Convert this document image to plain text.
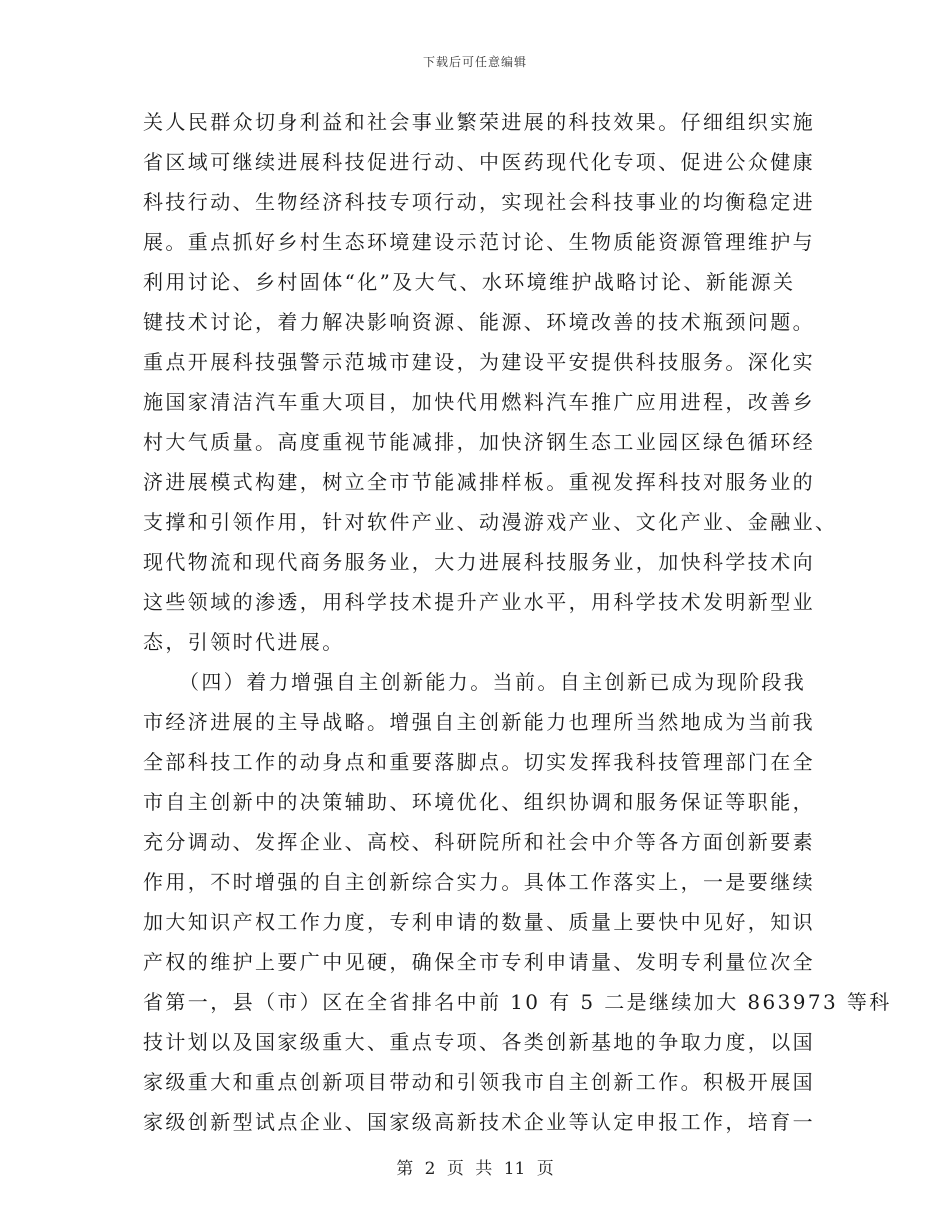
下载后可任意编辑
关人民群众切身利益和社会事业繁荣进展的科技效果。仔细组织实施
省区域可继续进展科技促进行动、中医药现代化专项、促进公众健康
科技行动、生物经济科技专项行动，实现社会科技事业的均衡稳定进
展。重点抓好乡村生态环境建设示范讨论、生物质能资源管理维护与
利用讨论、乡村固体“化”及大气、水环境维护战略讨论、新能源关
键技术讨论，着力解决影响资源、能源、环境改善的技术瓶颈问题。
重点开展科技强警示范城市建设，为建设平安提供科技服务。深化实
施国家清洁汽车重大项目，加快代用燃料汽车推广应用进程，改善乡
村大气质量。高度重视节能减排，加快济钢生态工业园区绿色循环经
济进展模式构建，树立全市节能减排样板。重视发挥科技对服务业的
支撑和引领作用，针对软件产业、动漫游戏产业、文化产业、金融业、
现代物流和现代商务服务业，大力进展科技服务业，加快科学技术向
这些领域的渗透，用科学技术提升产业水平，用科学技术发明新型业
态，引领时代进展。
（四）着力增强自主创新能力。当前。自主创新已成为现阶段我
市经济进展的主导战略。增强自主创新能力也理所当然地成为当前我
全部科技工作的动身点和重要落脚点。切实发挥我科技管理部门在全
市自主创新中的决策辅助、环境优化、组织协调和服务保证等职能，
充分调动、发挥企业、高校、科研院所和社会中介等各方面创新要素
作用，不时增强的自主创新综合实力。具体工作落实上，一是要继续
加大知识产权工作力度，专利申请的数量、质量上要快中见好，知识
产权的维护上要广中见硬，确保全市专利申请量、发明专利量位次全
省第一，县（市）区在全省排名中前 10 有 5 二是继续加大 863973 等科
技计划以及国家级重大、重点专项、各类创新基地的争取力度，以国
家级重大和重点创新项目带动和引领我市自主创新工作。积极开展国
家级创新型试点企业、国家级高新技术企业等认定申报工作，培育一
第 2 页 共 11 页
